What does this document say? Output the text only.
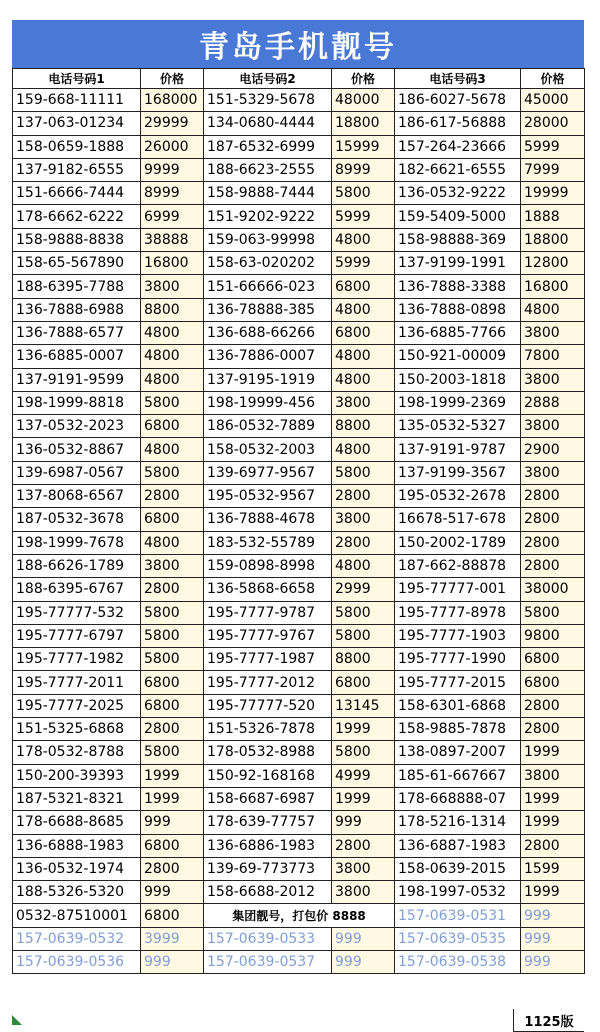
青岛手机靓号
电话号码1	价格	电话号码2	价格	电话号码3	价格
159-668-11111	168000	151-5329-5678	48000	186-6027-5678	45000
137-063-01234	29999	134-0680-4444	18800	186-617-56888	28000
158-0659-1888	26000	187-6532-6999	15999	157-264-23666	5999
137-9182-6555	9999	188-6623-2555	8999	182-6621-6555	7999
151-6666-7444	8999	158-9888-7444	5800	136-0532-9222	19999
178-6662-6222	6999	151-9202-9222	5999	159-5409-5000	1888
158-9888-8838	38888	159-063-99998	4800	158-98888-369	18800
158-65-567890	16800	158-63-020202	5999	137-9199-1991	12800
188-6395-7788	3800	151-66666-023	6800	136-7888-3388	16800
136-7888-6988	8800	136-78888-385	4800	136-7888-0898	4800
136-7888-6577	4800	136-688-66266	6800	136-6885-7766	3800
136-6885-0007	4800	136-7886-0007	4800	150-921-00009	7800
137-9191-9599	4800	137-9195-1919	4800	150-2003-1818	3800
198-1999-8818	5800	198-19999-456	3800	198-1999-2369	2888
137-0532-2023	6800	186-0532-7889	8800	135-0532-5327	3800
136-0532-8867	4800	158-0532-2003	4800	137-9191-9787	2900
139-6987-0567	5800	139-6977-9567	5800	137-9199-3567	3800
137-8068-6567	2800	195-0532-9567	2800	195-0532-2678	2800
187-0532-3678	6800	136-7888-4678	3800	16678-517-678	2800
198-1999-7678	4800	183-532-55789	2800	150-2002-1789	2800
188-6626-1789	3800	159-0898-8998	4800	187-662-88878	2800
188-6395-6767	2800	136-5868-6658	2999	195-77777-001	38000
195-77777-532	5800	195-7777-9787	5800	195-7777-8978	5800
195-7777-6797	5800	195-7777-9767	5800	195-7777-1903	9800
195-7777-1982	5800	195-7777-1987	8800	195-7777-1990	6800
195-7777-2011	6800	195-7777-2012	6800	195-7777-2015	6800
195-7777-2025	6800	195-77777-520	13145	158-6301-6868	2800
151-5325-6868	2800	151-5326-7878	1999	158-9885-7878	2800
178-0532-8788	5800	178-0532-8988	5800	138-0897-2007	1999
150-200-39393	1999	150-92-168168	4999	185-61-667667	3800
187-5321-8321	1999	158-6687-6987	1999	178-668888-07	1999
178-6688-8685	999	178-639-77757	999	178-5216-1314	1999
136-6888-1983	6800	136-6886-1983	2800	136-6887-1983	2800
136-0532-1974	2800	139-69-773773	3800	158-0639-2015	1599
188-5326-5320	999	158-6688-2012	3800	198-1997-0532	1999
0532-87510001	6800	集团靓号，打包价 8888		157-0639-0531	999
157-0639-0532	3999	157-0639-0533	999	157-0639-0535	999
157-0639-0536	999	157-0639-0537	999	157-0639-0538	999
1125版
